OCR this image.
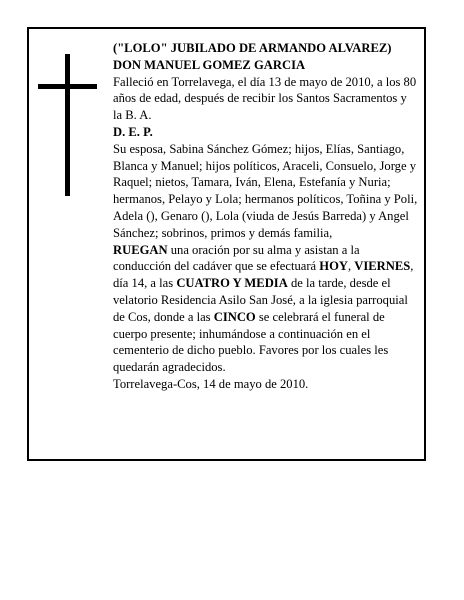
("LOLO" JUBILADO DE ARMANDO ALVAREZ)

DON MANUEL GOMEZ GARCIA

Falleció en Torrelavega, el día 13 de mayo de 2010, a los 80 años de edad, después de recibir los Santos Sacramentos y la B. A.

D. E. P.

Su esposa, Sabina Sánchez Gómez; hijos, Elías, Santiago, Blanca y Manuel; hijos políticos, Araceli, Consuelo, Jorge y Raquel; nietos, Tamara, Iván, Elena, Estefanía y Nuria; hermanos, Pelayo y Lola; hermanos políticos, Toñina y Poli, Adela (), Genaro (), Lola (viuda de Jesús Barreda) y Angel Sánchez; sobrinos, primos y demás familia,

RUEGAN una oración por su alma y asistan a la conducción del cadáver que se efectuará HOY, VIERNES, día 14, a las CUATRO Y MEDIA de la tarde, desde el velatorio Residencia Asilo San José, a la iglesia parroquial de Cos, donde a las CINCO se celebrará el funeral de cuerpo presente; inhumándose a continuación en el cementerio de dicho pueblo. Favores por los cuales les quedarán agradecidos.

Torrelavega-Cos, 14 de mayo de 2010.
